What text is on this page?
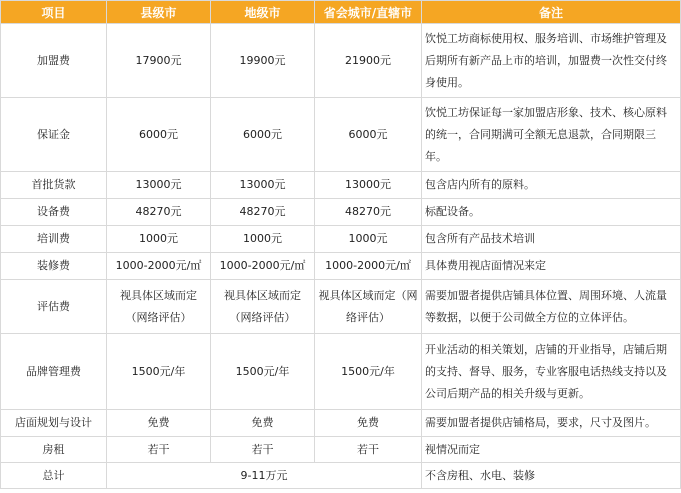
项目	县级市	地级市	省会城市/直辖市	备注
加盟费	17900元	19900元	21900元	饮悦工坊商标使用权、服务培训、市场维护管理及后期所有新产品上市的培训，加盟费一次性交付终身使用。
保证金	6000元	6000元	6000元	饮悦工坊保证每一家加盟店形象、技术、核心原料的统一，合同期满可全额无息退款，合同期限三年。
首批货款	13000元	13000元	13000元	包含店内所有的原料。
设备费	48270元	48270元	48270元	标配设备。
培训费	1000元	1000元	1000元	包含所有产品技术培训
装修费	1000-2000元/㎡	1000-2000元/㎡	1000-2000元/㎡	具体费用视店面情况来定
评估费	视具体区域而定（网络评估）	视具体区域而定（网络评估）	视具体区域而定（网络评估）	需要加盟者提供店铺具体位置、周围环境、人流量等数据，以便于公司做全方位的立体评估。
品牌管理费	1500元/年	1500元/年	1500元/年	开业活动的相关策划，店铺的开业指导，店铺后期的支持、督导、服务，专业客服电话热线支持以及公司后期产品的相关升级与更新。
店面规划与设计	免费	免费	免费	需要加盟者提供店铺格局，要求，尺寸及图片。
房租	若干	若干	若干	视情况而定
总计	9-11万元			不含房租、水电、装修
